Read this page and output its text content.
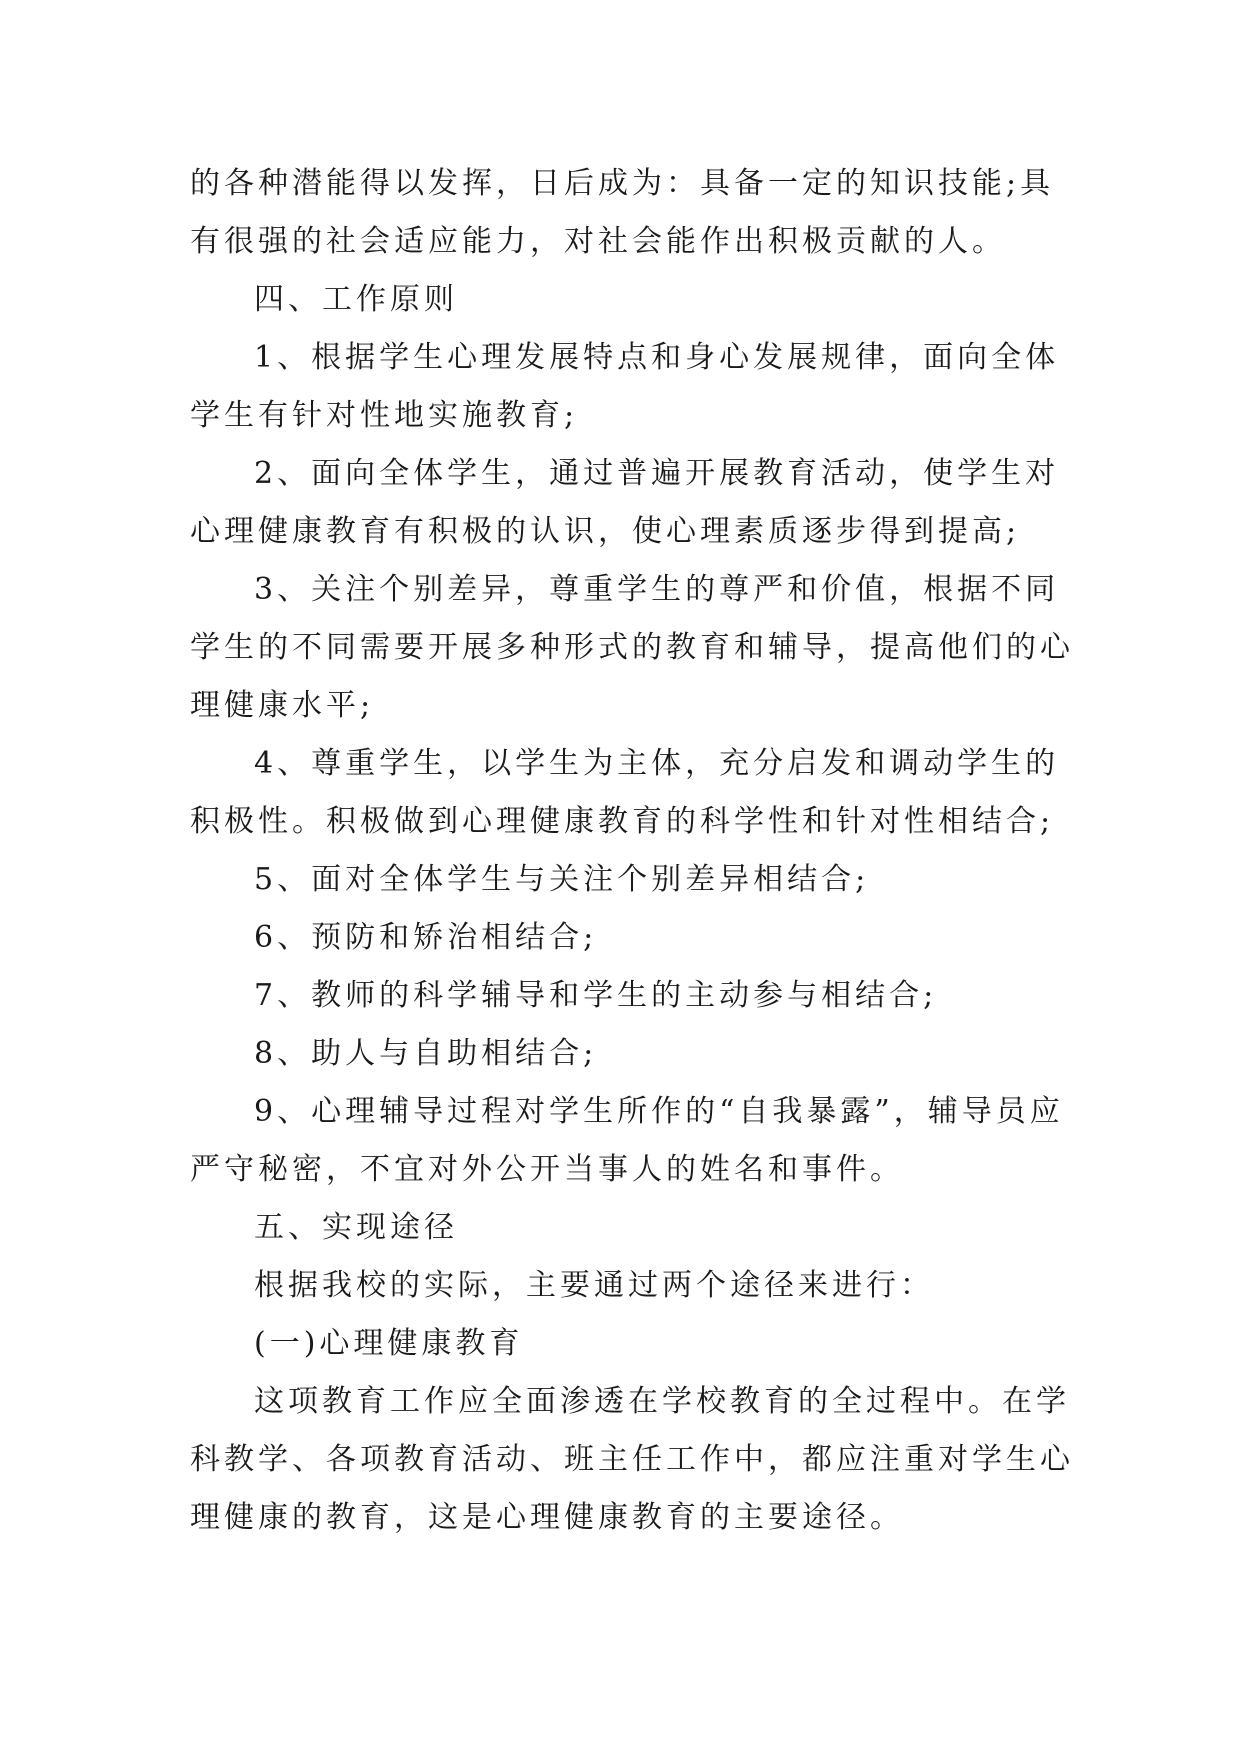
的各种潜能得以发挥，日后成为：具备一定的知识技能;具
有很强的社会适应能力，对社会能作出积极贡献的人。
四、工作原则
1、根据学生心理发展特点和身心发展规律，面向全体
学生有针对性地实施教育;
2、面向全体学生，通过普遍开展教育活动，使学生对
心理健康教育有积极的认识，使心理素质逐步得到提高;
3、关注个别差异，尊重学生的尊严和价值，根据不同
学生的不同需要开展多种形式的教育和辅导，提高他们的心
理健康水平;
4、尊重学生，以学生为主体，充分启发和调动学生的
积极性。积极做到心理健康教育的科学性和针对性相结合;
5、面对全体学生与关注个别差异相结合;
6、预防和矫治相结合;
7、教师的科学辅导和学生的主动参与相结合;
8、助人与自助相结合;
9、心理辅导过程对学生所作的“自我暴露”，辅导员应
严守秘密，不宜对外公开当事人的姓名和事件。
五、实现途径
根据我校的实际，主要通过两个途径来进行：
(一)心理健康教育
这项教育工作应全面渗透在学校教育的全过程中。在学
科教学、各项教育活动、班主任工作中，都应注重对学生心
理健康的教育，这是心理健康教育的主要途径。
